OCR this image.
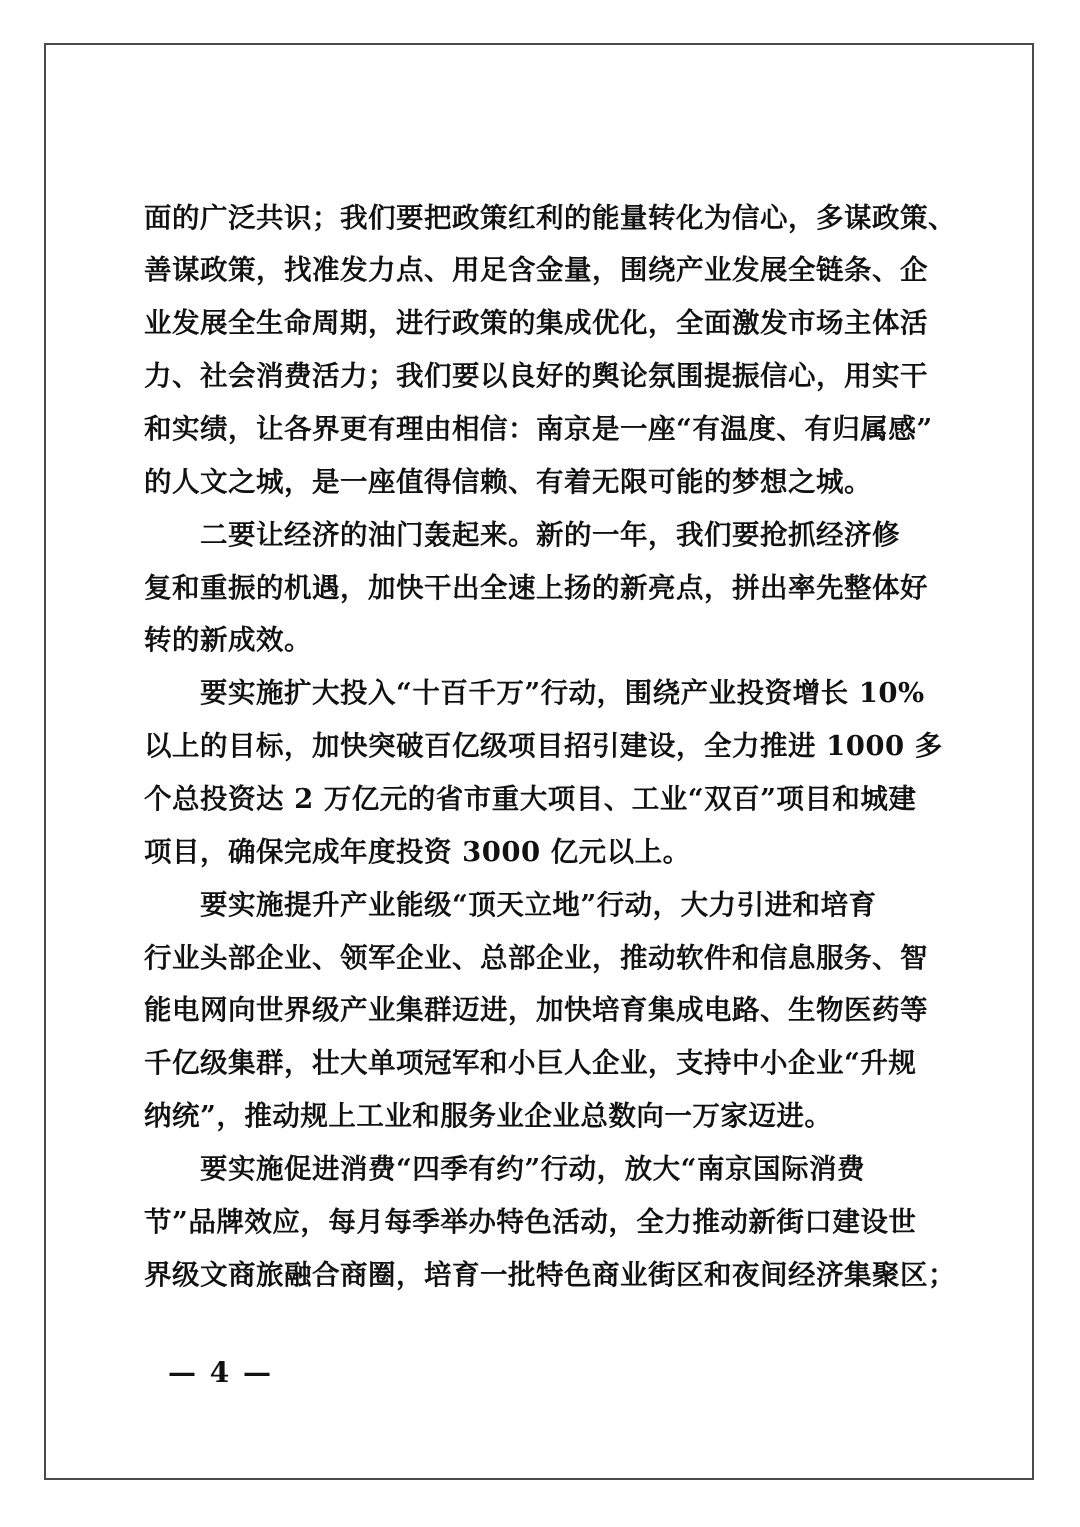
面的广泛共识；我们要把政策红利的能量转化为信心，多谋政策、
善谋政策，找准发力点、用足含金量，围绕产业发展全链条、企
业发展全生命周期，进行政策的集成优化，全面激发市场主体活
力、社会消费活力；我们要以良好的舆论氛围提振信心，用实干
和实绩，让各界更有理由相信：南京是一座“有温度、有归属感”
的人文之城，是一座值得信赖、有着无限可能的梦想之城。
二要让经济的油门轰起来。新的一年，我们要抢抓经济修
复和重振的机遇，加快干出全速上扬的新亮点，拼出率先整体好
转的新成效。
要实施扩大投入“十百千万”行动，围绕产业投资增长 10%
以上的目标，加快突破百亿级项目招引建设，全力推进 1000 多
个总投资达 2 万亿元的省市重大项目、工业“双百”项目和城建
项目，确保完成年度投资 3000 亿元以上。
要实施提升产业能级“顶天立地”行动，大力引进和培育
行业头部企业、领军企业、总部企业，推动软件和信息服务、智
能电网向世界级产业集群迈进，加快培育集成电路、生物医药等
千亿级集群，壮大单项冠军和小巨人企业，支持中小企业“升规
纳统”，推动规上工业和服务业企业总数向一万家迈进。
要实施促进消费“四季有约”行动，放大“南京国际消费
节”品牌效应，每月每季举办特色活动，全力推动新街口建设世
界级文商旅融合商圈，培育一批特色商业街区和夜间经济集聚区；
— 4 —
